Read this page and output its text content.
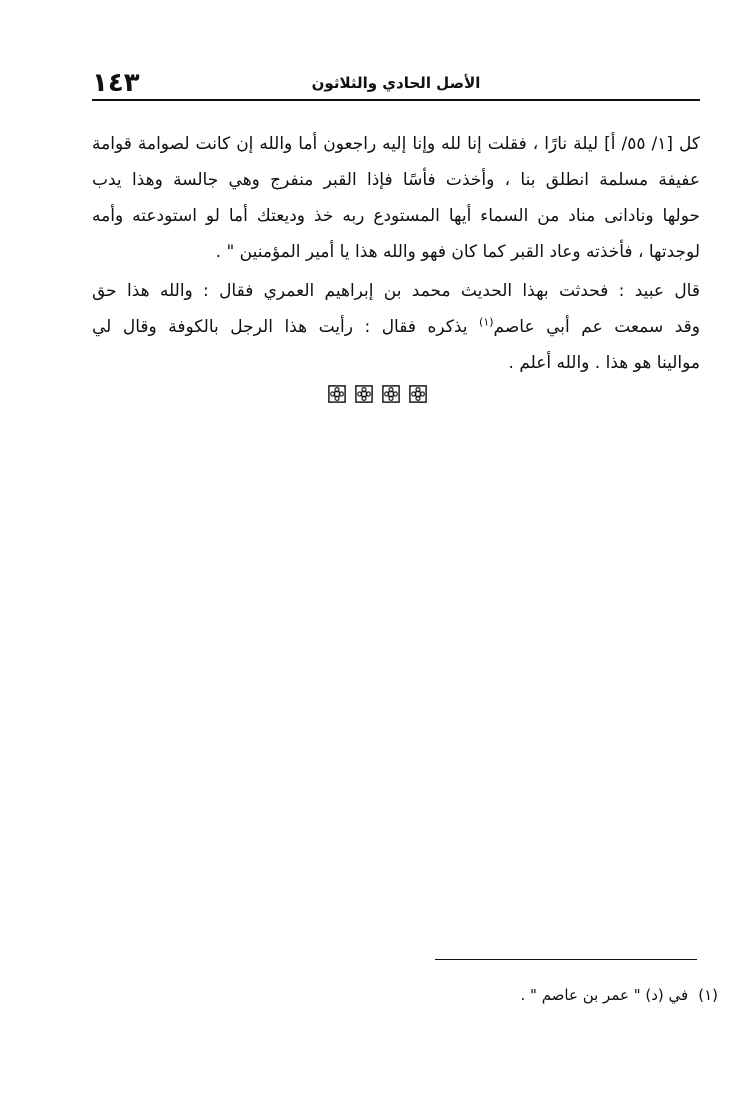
١٤٣	الأصل الحادي والثلاثون
كل [١/ ٥٥/ أ] ليلة نارًا ، فقلت إنا لله وإنا إليه راجعون أما والله إن كانت لصوامة قوامة
عفيفة مسلمة انطلق بنا ، وأخذت فأسًا فإذا القبر منفرج وهي جالسة وهذا يدب
حولها ونادانى مناد من السماء أيها المستودع ربه خذ وديعتك أما لو استودعته وأمه
لوجدتها ، فأخذته وعاد القبر كما كان فهو والله هذا يا أمير المؤمنين " .
قال عبيد : فحدثت بهذا الحديث محمد بن إبراهيم العمري فقال : والله هذا حق
وقد سمعت عم أبي عاصم$^{(١)}$ يذكره فقال : رأيت هذا الرجل بالكوفة وقال لي
موالينا هو هذا . والله أعلم .
(١)في (د) " عمر بن عاصم " .
